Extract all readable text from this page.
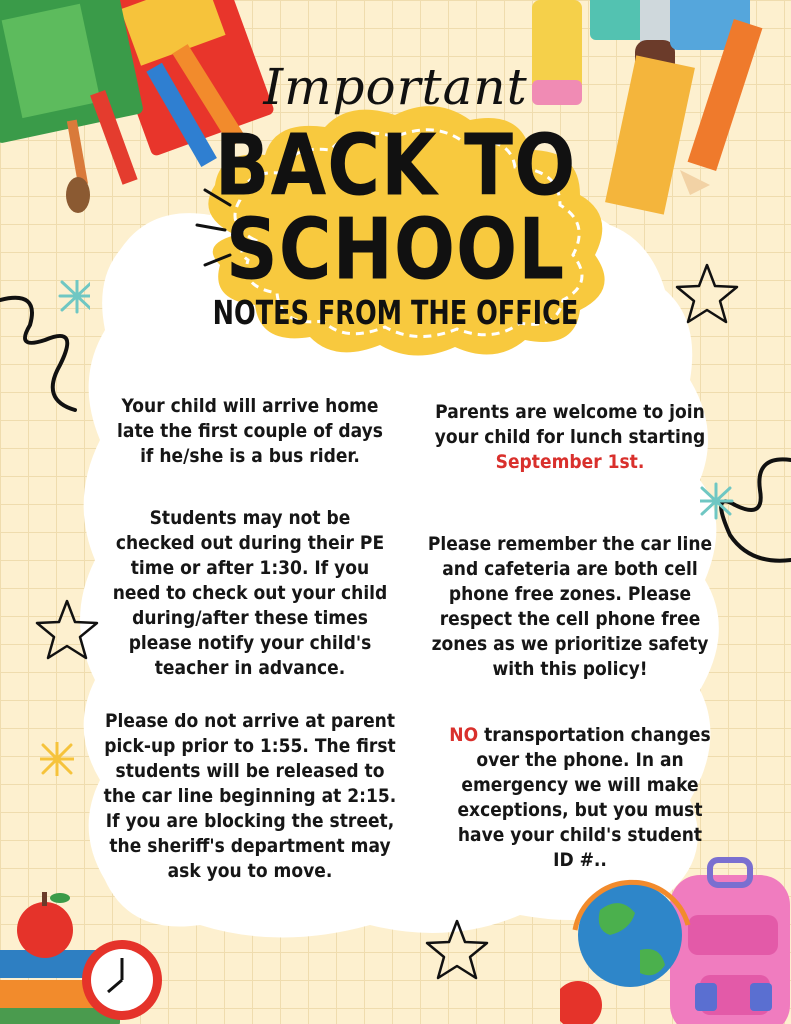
Important
BACK TO
SCHOOL
NOTES FROM THE OFFICE
Your child will arrive home late the first couple of days if he/she is a bus rider.
Parents are welcome to join your child for lunch starting
September 1st.
Students may not be checked out during their PE time or after 1:30. If you need to check out your child during/after these times please notify your child's teacher in advance.
Please remember the car line and cafeteria are both cell phone free zones. Please respect the cell phone free zones as we prioritize safety with this policy!
Please do not arrive at parent pick-up prior to 1:55. The first students will be released to the car line beginning at 2:15. If you are blocking the street, the sheriff's department may ask you to move.
NO transportation changes over the phone. In an emergency we will make exceptions, but you must have your child's student ID #..
